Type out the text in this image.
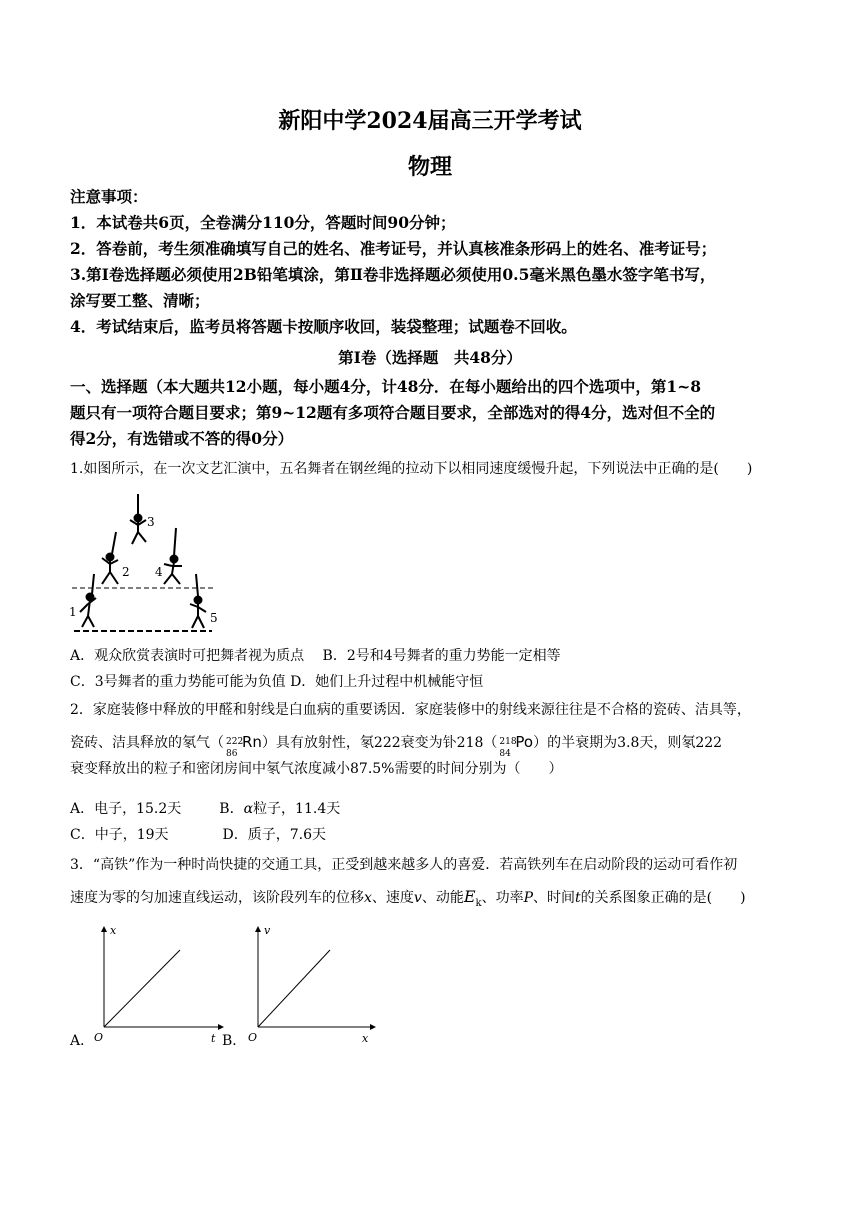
新阳中学2024届高三开学考试
物理
注意事项：
1．本试卷共6页，全卷满分110分，答题时间90分钟；
2．答卷前，考生须准确填写自己的姓名、准考证号，并认真核准条形码上的姓名、准考证号；
3.第Ⅰ卷选择题必须使用2B铅笔填涂，第Ⅱ卷非选择题必须使用0.5毫米黑色墨水签字笔书写，
涂写要工整、清晰；
4．考试结束后，监考员将答题卡按顺序收回，装袋整理；试题卷不回收。
第Ⅰ卷（选择题　共48分）
一、选择题（本大题共12小题，每小题4分，计48分．在每小题给出的四个选项中，第1~8
题只有一项符合题目要求；第9~12题有多项符合题目要求，全部选对的得4分，选对但不全的
得2分，有选错或不答的得0分）
1.如图所示，在一次文艺汇演中，五名舞者在钢丝绳的拉动下以相同速度缓慢升起，下列说法中正确的是(　　)
1
2
3
4
5
A．观众欣赏表演时可把舞者视为质点　 B．2号和4号舞者的重力势能一定相等
C．3号舞者的重力势能可能为负值 D．她们上升过程中机械能守恒
2．家庭装修中释放的甲醛和射线是白血病的重要诱因．家庭装修中的射线来源往往是不合格的瓷砖、洁具等，
瓷砖、洁具释放的氡气（ 222
86
Rn）具有放射性，氡222衰变为钋218（ 218
84
Po）的半衰期为3.8天，则氡222
衰变释放出的粒子和密闭房间中氡气浓度减小87.5%需要的时间分别为（　　）
A．电子，15.2天	B．α粒子，11.4天
C．中子，19天	D．质子，7.6天
3．“高铁”作为一种时尚快捷的交通工具，正受到越来越多人的喜爱．若高铁列车在启动阶段的运动可看作初
速度为零的匀加速直线运动，该阶段列车的位移x、速度v、动能$E_k$、功率P、时间t的关系图象正确的是(　　)
A．
x
t
O	B．
v
x
O
